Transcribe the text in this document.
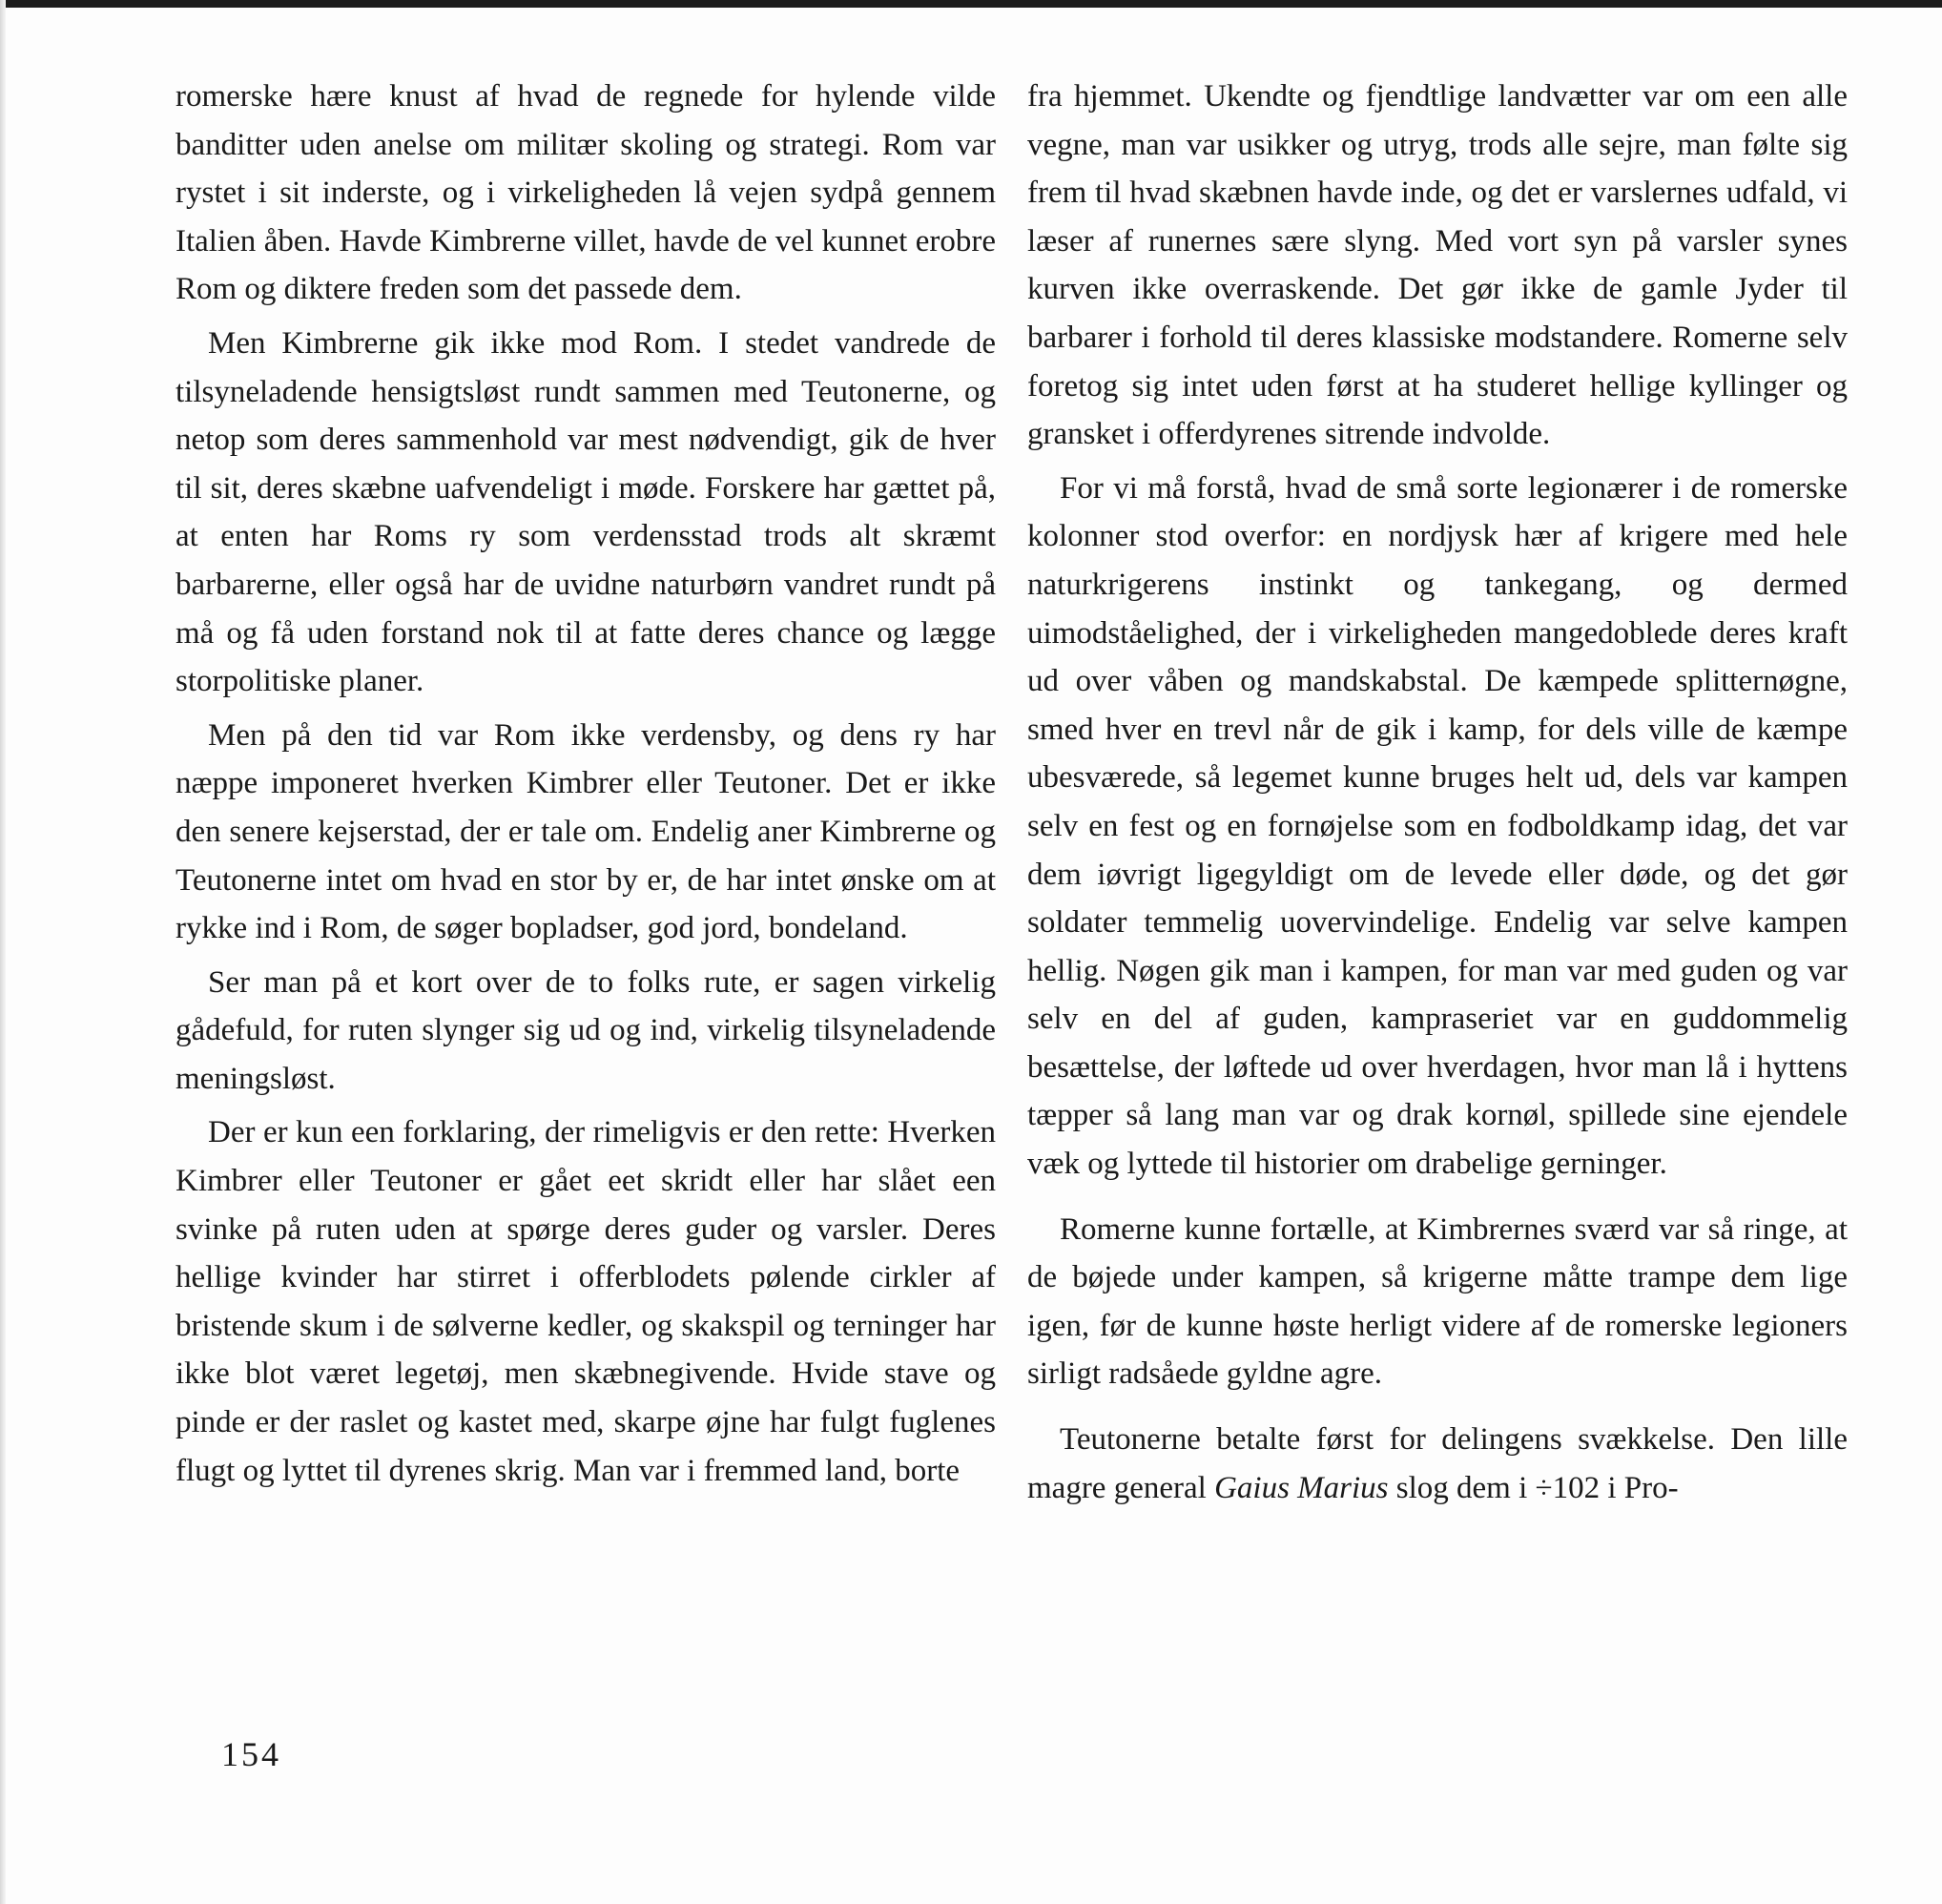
romerske hære knust af hvad de regnede for hylende vilde banditter uden anelse om militær skoling og strategi. Rom var rystet i sit inderste, og i virkeligheden lå vejen sydpå gennem Italien åben. Havde Kimbrerne villet, havde de vel kunnet erobre Rom og diktere freden som det passede dem.

Men Kimbrerne gik ikke mod Rom. I stedet vandrede de tilsyneladende hensigtsløst rundt sammen med Teutonerne, og netop som deres sammenhold var mest nødvendigt, gik de hver til sit, deres skæbne uafvendeligt i møde. Forskere har gættet på, at enten har Roms ry som verdensstad trods alt skræmt barbarerne, eller også har de uvidne naturbørn vandret rundt på må og få uden forstand nok til at fatte deres chance og lægge storpolitiske planer.

Men på den tid var Rom ikke verdensby, og dens ry har næppe imponeret hverken Kimbrer eller Teutoner. Det er ikke den senere kejserstad, der er tale om. Endelig aner Kimbrerne og Teutonerne intet om hvad en stor by er, de har intet ønske om at rykke ind i Rom, de søger bopladser, god jord, bondeland.

Ser man på et kort over de to folks rute, er sagen virkelig gådefuld, for ruten slynger sig ud og ind, virkelig tilsyneladende meningsløst.

Der er kun een forklaring, der rimeligvis er den rette: Hverken Kimbrer eller Teutoner er gået eet skridt eller har slået een svinke på ruten uden at spørge deres guder og varsler. Deres hellige kvinder har stirret i offerblodets pølende cirkler af bristende skum i de sølverne kedler, og skakspil og terninger har ikke blot været legetøj, men skæbnegivende. Hvide stave og pinde er der raslet og kastet med, skarpe øjne har fulgt fuglenes flugt og lyttet til dyrenes skrig. Man var i fremmed land, borte

fra hjemmet. Ukendte og fjendtlige landvætter var om een alle vegne, man var usikker og utryg, trods alle sejre, man følte sig frem til hvad skæbnen havde inde, og det er varslernes udfald, vi læser af runernes sære slyng. Med vort syn på varsler synes kurven ikke overraskende. Det gør ikke de gamle Jyder til barbarer i forhold til deres klassiske modstandere. Romerne selv foretog sig intet uden først at ha studeret hellige kyllinger og gransket i offerdyrenes sitrende indvolde.

For vi må forstå, hvad de små sorte legionærer i de romerske kolonner stod overfor: en nordjysk hær af krigere med hele naturkrigerens instinkt og tankegang, og dermed uimodståelighed, der i virkeligheden mangedoblede deres kraft ud over våben og mandskabstal. De kæmpede splitternøgne, smed hver en trevl når de gik i kamp, for dels ville de kæmpe ubesværede, så legemet kunne bruges helt ud, dels var kampen selv en fest og en fornøjelse som en fodboldkamp idag, det var dem iøvrigt ligegyldigt om de levede eller døde, og det gør soldater temmelig uovervindelige. Endelig var selve kampen hellig. Nøgen gik man i kampen, for man var med guden og var selv en del af guden, kampraseriet var en guddommelig besættelse, der løftede ud over hverdagen, hvor man lå i hyttens tæpper så lang man var og drak kornøl, spillede sine ejendele væk og lyttede til historier om drabelige gerninger.

Romerne kunne fortælle, at Kimbrernes sværd var så ringe, at de bøjede under kampen, så krigerne måtte trampe dem lige igen, før de kunne høste herligt videre af de romerske legioners sirligt radsåede gyldne agre.

Teutonerne betalte først for delingens svækkelse. Den lille magre general Gaius Marius slog dem i ÷102 i Pro-

154
